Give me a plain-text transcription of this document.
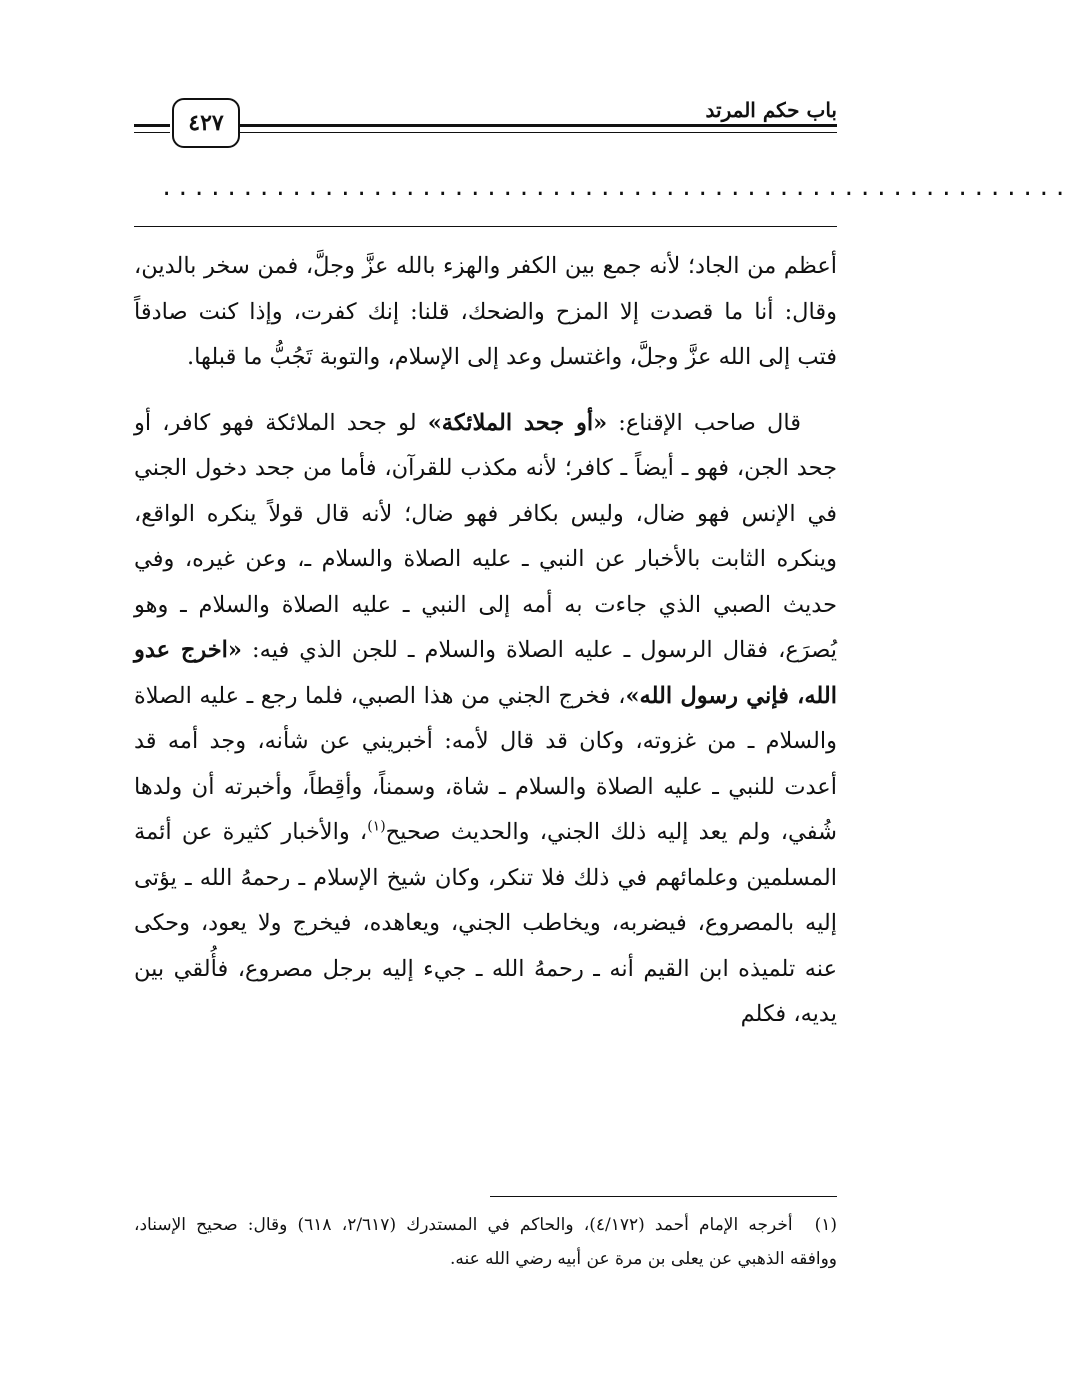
باب حكم المرتد
٤٢٧
........................................................

أعظم من الجاد؛ لأنه جمع بين الكفر والهزء بالله عزَّ وجلَّ، فمن سخر بالدين، وقال: أنا ما قصدت إلا المزح والضحك، قلنا: إنك كفرت، وإذا كنت صادقاً فتب إلى الله عزَّ وجلَّ، واغتسل وعد إلى الإسلام، والتوبة تَجُبُّ ما قبلها.

قال صاحب الإقناع: «أو جحد الملائكة» لو جحد الملائكة فهو كافر، أو جحد الجن، فهو ـ أيضاً ـ كافر؛ لأنه مكذب للقرآن، فأما من جحد دخول الجني في الإنس فهو ضال، وليس بكافر فهو ضال؛ لأنه قال قولاً ينكره الواقع، وينكره الثابت بالأخبار عن النبي ـ عليه الصلاة والسلام ـ، وعن غيره، وفي حديث الصبي الذي جاءت به أمه إلى النبي ـ عليه الصلاة والسلام ـ وهو يُصرَع، فقال الرسول ـ عليه الصلاة والسلام ـ للجن الذي فيه: «اخرج عدو الله، فإني رسول الله»، فخرج الجني من هذا الصبي، فلما رجع ـ عليه الصلاة والسلام ـ من غزوته، وكان قد قال لأمه: أخبريني عن شأنه، وجد أمه قد أعدت للنبي ـ عليه الصلاة والسلام ـ شاة، وسمناً، وأقِطاً، وأخبرته أن ولدها شُفي، ولم يعد إليه ذلك الجني، والحديث صحيح$^{(١)}$، والأخبار كثيرة عن أئمة المسلمين وعلمائهم في ذلك فلا تنكر، وكان شيخ الإسلام ـ رحمهُ الله ـ يؤتى إليه بالمصروع، فيضربه، ويخاطب الجني، ويعاهده، فيخرج ولا يعود، وحكى عنه تلميذه ابن القيم أنه ـ رحمهُ الله ـ جيء إليه برجل مصروع، فأُلقي بين يديه، فكلم

(١)أخرجه الإمام أحمد (٤/١٧٢)، والحاكم في المستدرك (٢/٦١٧، ٦١٨) وقال: صحيح الإسناد، ووافقه الذهبي عن يعلى بن مرة عن أبيه رضي الله عنه.
